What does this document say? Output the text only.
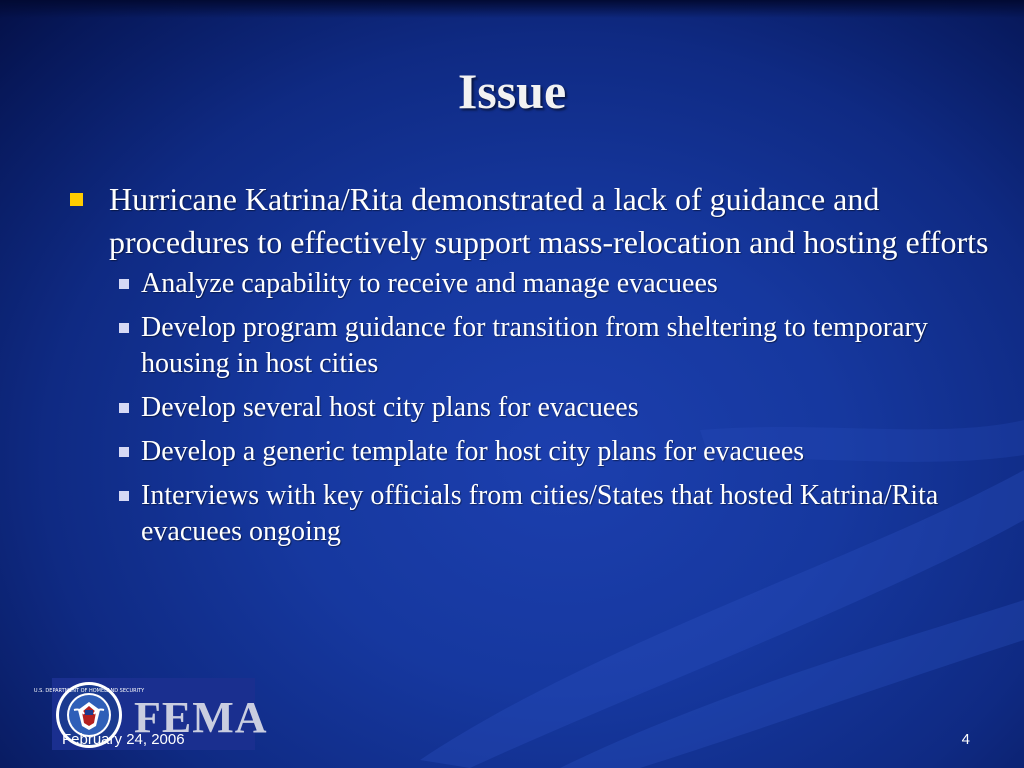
Issue
Hurricane Katrina/Rita demonstrated a lack of guidance and procedures to effectively support mass-relocation and hosting efforts
Analyze capability to receive and manage evacuees
Develop program guidance for transition from sheltering to temporary housing in host cities
Develop several host city plans for evacuees
Develop a generic template for host city plans for evacuees
Interviews with key officials from cities/States that hosted Katrina/Rita evacuees ongoing
U.S. DEPARTMENT OF HOMELAND SECURITY
FEMA
February 24, 2006	4
